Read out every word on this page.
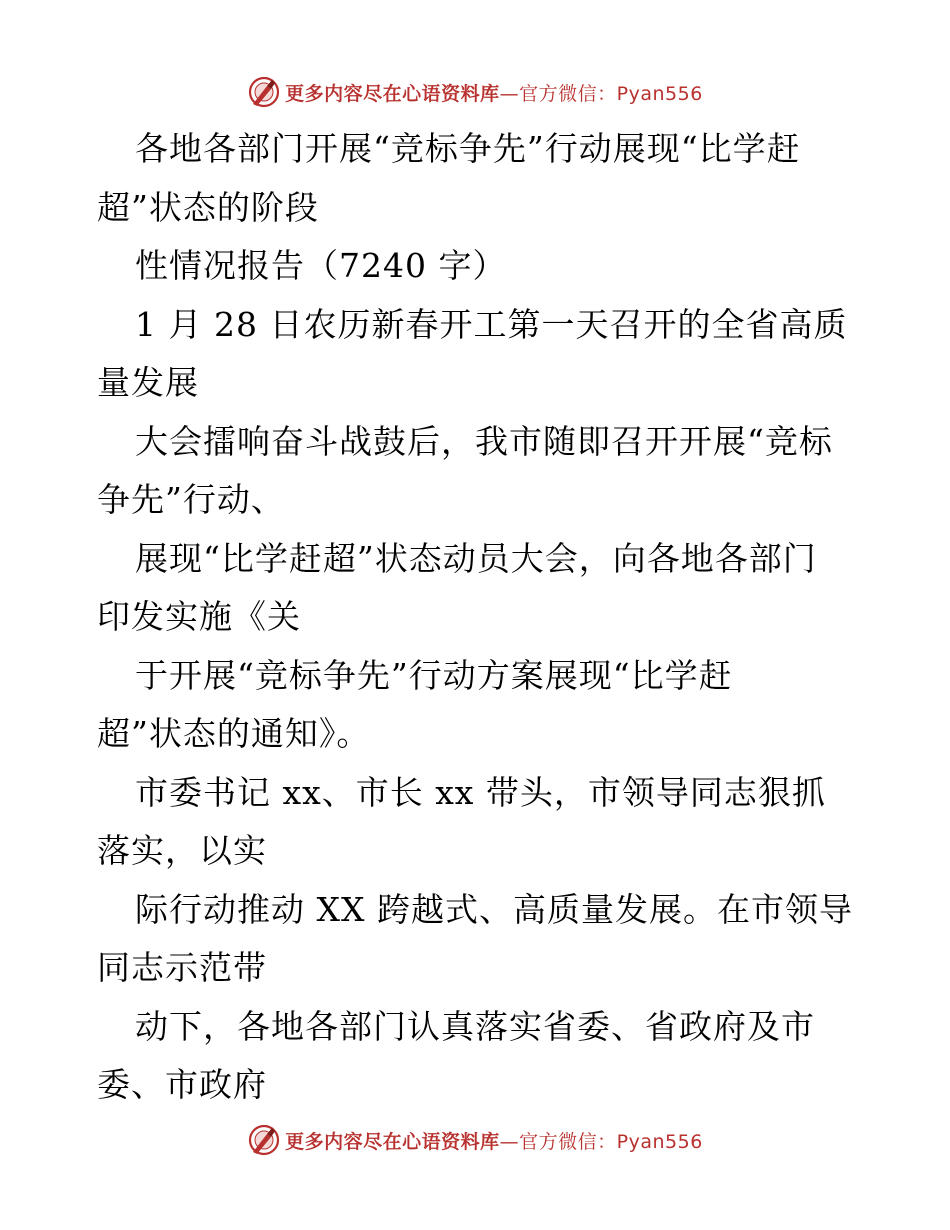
更多内容尽在心语资料库—官方微信：Pyan556

各地各部门开展“竞标争先”行动展现“比学赶

超”状态的阶段

性情况报告（7240 字）

1 月 28 日农历新春开工第一天召开的全省高质

量发展

大会擂响奋斗战鼓后，我市随即召开开展“竞标

争先”行动、

展现“比学赶超”状态动员大会，向各地各部门

印发实施《关

于开展“竞标争先”行动方案展现“比学赶

超”状态的通知》。

市委书记 xx、市长 xx 带头，市领导同志狠抓

落实，以实

际行动推动 XX 跨越式、高质量发展。在市领导

同志示范带

动下，各地各部门认真落实省委、省政府及市

委、市政府

更多内容尽在心语资料库—官方微信：Pyan556
